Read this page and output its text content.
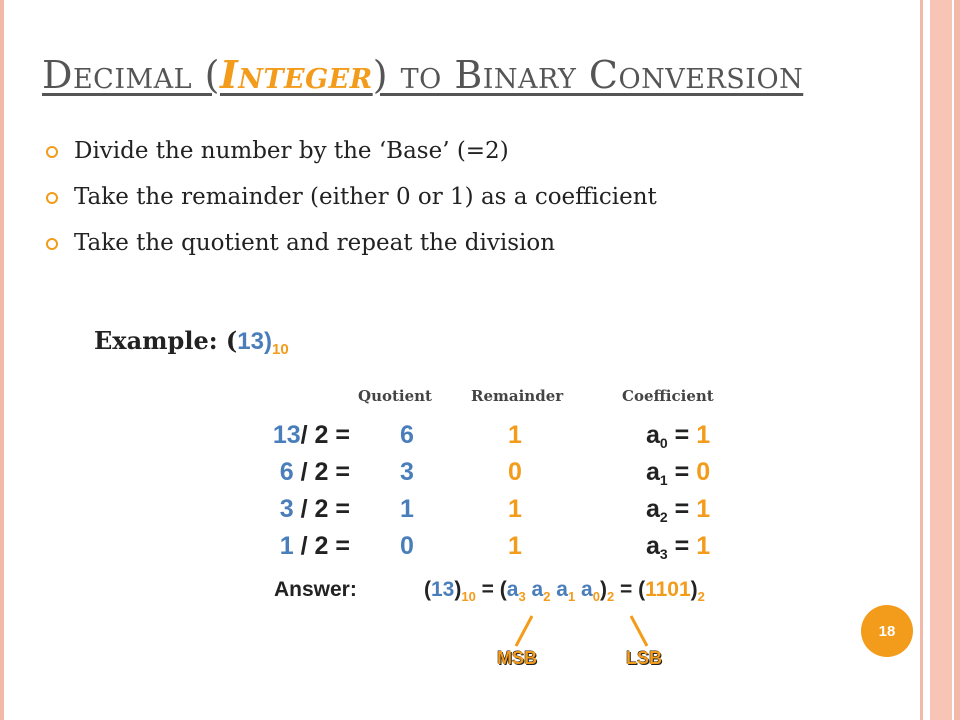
Decimal (Integer) to Binary Conversion
Divide the number by the ‘Base’ (=2)
Take the remainder (either 0 or 1) as a coefficient
Take the quotient and repeat the division
Example: $(13)_{10}$
Quotient	Remainder	Coefficient
13/ 2 = 6	1	$a_0 = 1$
6 / 2 = 3	0	$a_1 = 0$
3 / 2 = 1	1	$a_2 = 1$
1 / 2 = 0	1	$a_3 = 1$
Answer:	$(13)_{10} = (a_3$ $a_2$ $a_1$ $a_0)_2 = (1101)_2$
MSB	LSB
18
